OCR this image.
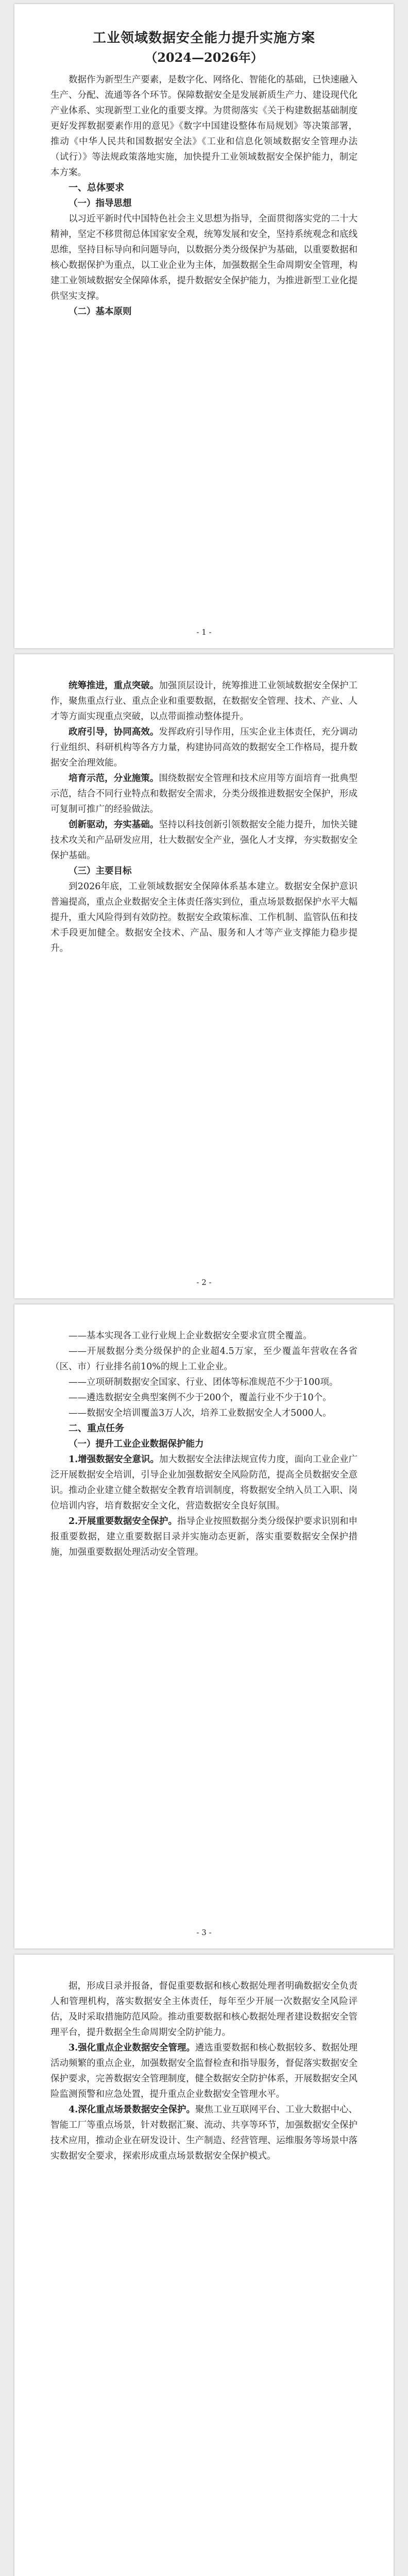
工业领域数据安全能力提升实施方案
（2024—2026年）

数据作为新型生产要素，是数字化、网络化、智能化的基础，已快速融入生产、分配、流通等各个环节。保障数据安全是发展新质生产力、建设现代化产业体系、实现新型工业化的重要支撑。为贯彻落实《关于构建数据基础制度更好发挥数据要素作用的意见》《数字中国建设整体布局规划》等决策部署，推动《中华人民共和国数据安全法》《工业和信息化领域数据安全管理办法（试行）》等法规政策落地实施，加快提升工业领域数据安全保护能力，制定本方案。

一、总体要求
（一）指导思想

以习近平新时代中国特色社会主义思想为指导，全面贯彻落实党的二十大精神，坚定不移贯彻总体国家安全观，统筹发展和安全，坚持系统观念和底线思维，坚持目标导向和问题导向，以数据分类分级保护为基础，以重要数据和核心数据保护为重点，以工业企业为主体，加强数据全生命周期安全管理，构建工业领域数据安全保障体系，提升数据安全保护能力，为推进新型工业化提供坚实支撑。

（二）基本原则
- 1 -

统筹推进，重点突破。加强顶层设计，统筹推进工业领域数据安全保护工作，聚焦重点行业、重点企业和重要数据，在数据安全管理、技术、产业、人才等方面实现重点突破，以点带面推动整体提升。

政府引导，协同高效。发挥政府引导作用，压实企业主体责任，充分调动行业组织、科研机构等各方力量，构建协同高效的数据安全工作格局，提升数据安全治理效能。

培育示范，分业施策。围绕数据安全管理和技术应用等方面培育一批典型示范，结合不同行业特点和数据安全需求，分类分级推进数据安全保护，形成可复制可推广的经验做法。

创新驱动，夯实基础。坚持以科技创新引领数据安全能力提升，加快关键技术攻关和产品研发应用，壮大数据安全产业，强化人才支撑，夯实数据安全保护基础。

（三）主要目标

到2026年底，工业领域数据安全保障体系基本建立。数据安全保护意识普遍提高，重点企业数据安全主体责任落实到位，重点场景数据保护水平大幅提升，重大风险得到有效防控。数据安全政策标准、工作机制、监管队伍和技术手段更加健全。数据安全技术、产品、服务和人才等产业支撑能力稳步提升。

- 2 -

——基本实现各工业行业规上企业数据安全要求宣贯全覆盖。

——开展数据分类分级保护的企业超4.5万家，至少覆盖年营收在各省（区、市）行业排名前10%的规上工业企业。

——立项研制数据安全国家、行业、团体等标准规范不少于100项。

——遴选数据安全典型案例不少于200个，覆盖行业不少于10个。

——数据安全培训覆盖3万人次，培养工业数据安全人才5000人。

二、重点任务
（一）提升工业企业数据保护能力

1.增强数据安全意识。加大数据安全法律法规宣传力度，面向工业企业广泛开展数据安全培训，引导企业加强数据安全风险防范，提高全员数据安全意识。推动企业建立健全数据安全教育培训制度，将数据安全纳入员工入职、岗位培训内容，培育数据安全文化，营造数据安全良好氛围。

2.开展重要数据安全保护。指导企业按照数据分类分级保护要求识别和申报重要数据，建立重要数据目录并实施动态更新，落实重要数据安全保护措施，加强重要数据处理活动安全管理。

- 3 -

据，形成目录并报备，督促重要数据和核心数据处理者明确数据安全负责人和管理机构，落实数据安全主体责任，每年至少开展一次数据安全风险评估，及时采取措施防范风险。推动重要数据和核心数据处理者建设数据安全管理平台，提升数据全生命周期安全防护能力。

3.强化重点企业数据安全管理。遴选重要数据和核心数据较多、数据处理活动频繁的重点企业，加强数据安全监督检查和指导服务，督促落实数据安全保护要求，完善数据安全管理制度，健全数据安全防护体系，开展数据安全风险监测预警和应急处置，提升重点企业数据安全管理水平。

4.深化重点场景数据安全保护。聚焦工业互联网平台、工业大数据中心、智能工厂等重点场景，针对数据汇聚、流动、共享等环节，加强数据安全保护技术应用，推动企业在研发设计、生产制造、经营管理、运维服务等场景中落实数据安全要求，探索形成重点场景数据安全保护模式。
